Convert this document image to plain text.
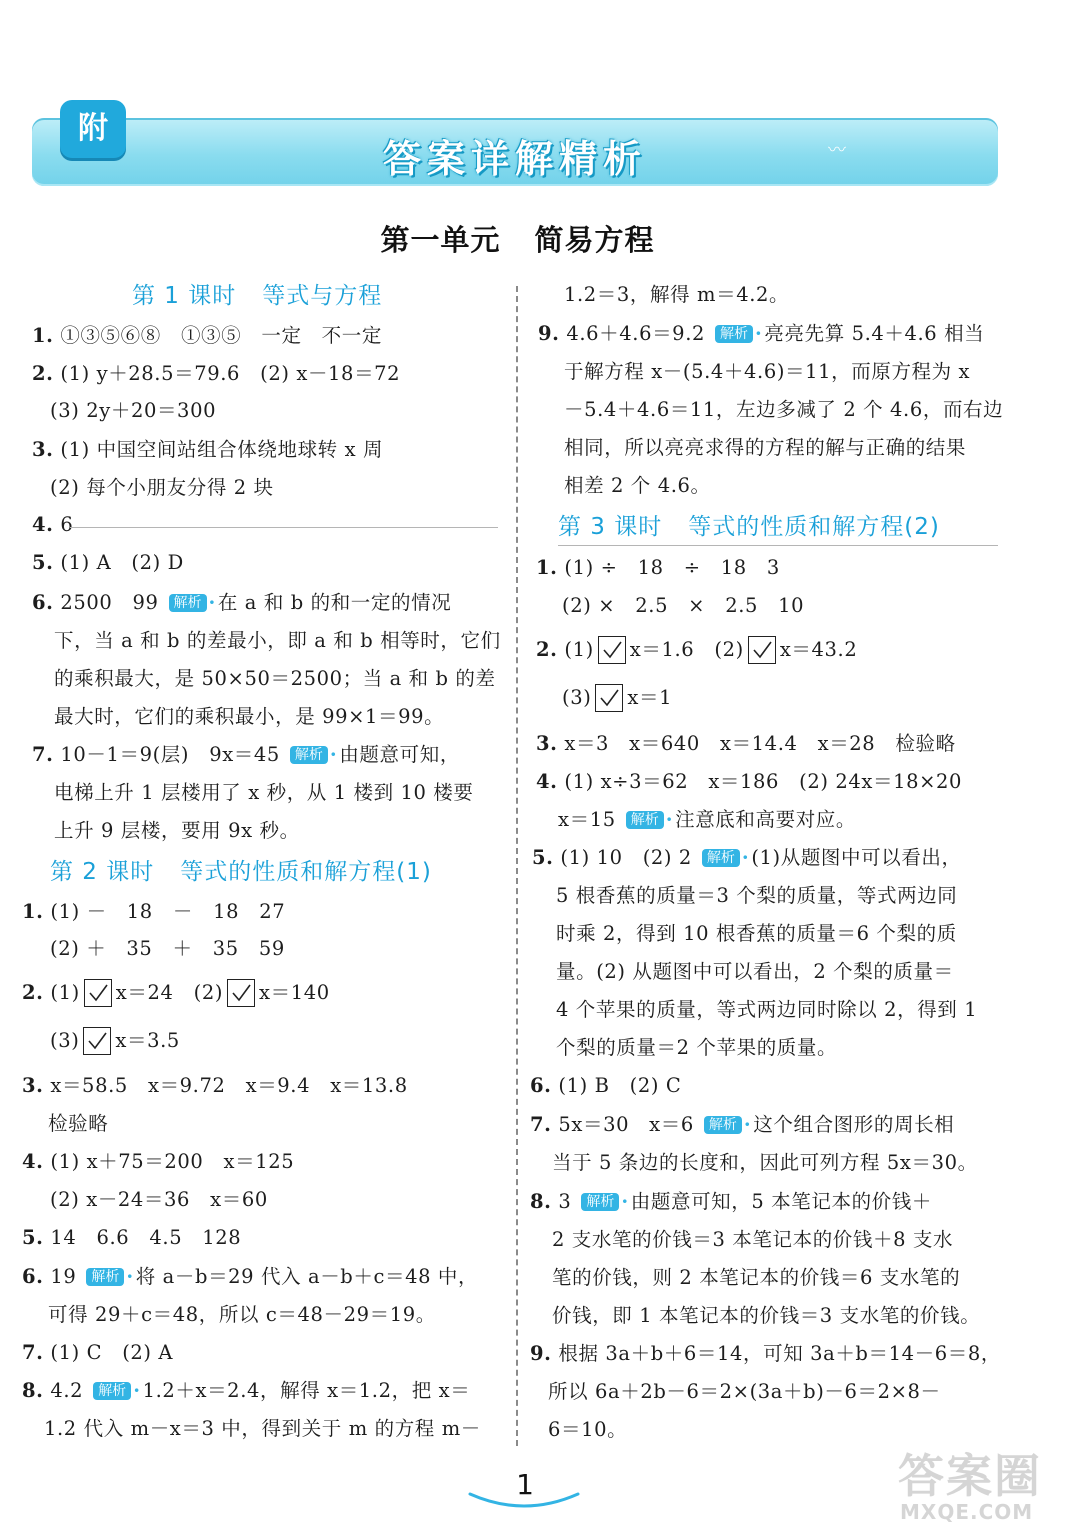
答案详解精析
附
〰
第一单元 简易方程
第 1 课时 等式与方程
1. ①③⑤⑥⑧　①③⑤　一定　不一定
2. (1) y＋28.5＝79.6　(2) x－18＝72
(3) 2y＋20＝300
3. (1) 中国空间站组合体绕地球转 x 周
(2) 每个小朋友分得 2 块
4. 6
5. (1) A　(2) D
6. 2500　99 解析 · 在 a 和 b 的和一定的情况
下，当 a 和 b 的差最小，即 a 和 b 相等时，它们
的乘积最大，是 50×50＝2500；当 a 和 b 的差
最大时，它们的乘积最小，是 99×1＝99。
7. 10－1＝9(层)　9x＝45 解析 · 由题意可知，
电梯上升 1 层楼用了 x 秒，从 1 楼到 10 楼要
上升 9 层楼，要用 9x 秒。
第 2 课时 等式的性质和解方程(1)
1. (1) －　18　－　18　27
(2) ＋　35　＋　35　59
2. (1) x＝24　(2) x＝140
(3) x＝3.5
3. x＝58.5　x＝9.72　x＝9.4　x＝13.8
检验略
4. (1) x＋75＝200　x＝125
(2) x－24＝36　x＝60
5. 14　6.6　4.5　128
6. 19 解析 · 将 a－b＝29 代入 a－b＋c＝48 中，
可得 29＋c＝48，所以 c＝48－29＝19。
7. (1) C　(2) A
8. 4.2 解析 · 1.2＋x＝2.4，解得 x＝1.2，把 x＝
1.2 代入 m－x＝3 中，得到关于 m 的方程 m－
1.2＝3，解得 m＝4.2。
9. 4.6＋4.6＝9.2 解析 · 亮亮先算 5.4＋4.6 相当
于解方程 x－(5.4＋4.6)＝11，而原方程为 x
－5.4＋4.6＝11，左边多减了 2 个 4.6，而右边
相同，所以亮亮求得的方程的解与正确的结果
相差 2 个 4.6。
第 3 课时 等式的性质和解方程(2)
1. (1) ÷　18　÷　18　3
(2) ×　2.5　×　2.5　10
2. (1) x＝1.6　(2) x＝43.2
(3) x＝1
3. x＝3　x＝640　x＝14.4　x＝28　检验略
4. (1) x÷3＝62　x＝186　(2) 24x＝18×20
x＝15 解析 · 注意底和高要对应。
5. (1) 10　(2) 2 解析 · (1)从题图中可以看出，
5 根香蕉的质量＝3 个梨的质量，等式两边同
时乘 2，得到 10 根香蕉的质量＝6 个梨的质
量。(2) 从题图中可以看出，2 个梨的质量＝
4 个苹果的质量，等式两边同时除以 2，得到 1
个梨的质量＝2 个苹果的质量。
6. (1) B　(2) C
7. 5x＝30　x＝6 解析 · 这个组合图形的周长相
当于 5 条边的长度和，因此可列方程 5x＝30。
8. 3 解析 · 由题意可知，5 本笔记本的价钱＋
2 支水笔的价钱＝3 本笔记本的价钱＋8 支水
笔的价钱，则 2 本笔记本的价钱＝6 支水笔的
价钱，即 1 本笔记本的价钱＝3 支水笔的价钱。
9. 根据 3a＋b＋6＝14，可知 3a＋b＝14－6＝8，
所以 6a＋2b－6＝2×(3a＋b)－6＝2×8－
6＝10。
1	答案圈
MXQE.COM
